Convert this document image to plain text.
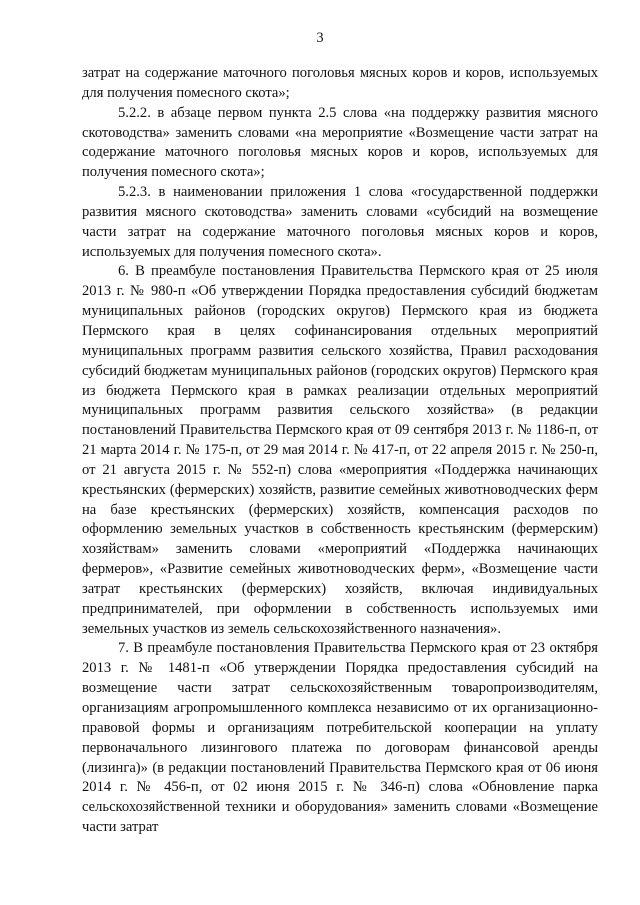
3

затрат на содержание маточного поголовья мясных коров и коров, используемых для получения помесного скота»;

5.2.2. в абзаце первом пункта 2.5 слова «на поддержку развития мясного скотоводства» заменить словами «на мероприятие «Возмещение части затрат на содержание маточного поголовья мясных коров и коров, используемых для получения помесного скота»;

5.2.3. в наименовании приложения 1 слова «государственной поддержки развития мясного скотоводства» заменить словами «субсидий на возмещение части затрат на содержание маточного поголовья мясных коров и коров, используемых для получения помесного скота».

6. В преамбуле постановления Правительства Пермского края от 25 июля 2013 г. № 980-п «Об утверждении Порядка предоставления субсидий бюджетам муниципальных районов (городских округов) Пермского края из бюджета Пермского края в целях софинансирования отдельных мероприятий муниципальных программ развития сельского хозяйства, Правил расходования субсидий бюджетам муниципальных районов (городских округов) Пермского края из бюджета Пермского края в рамках реализации отдельных мероприятий муниципальных программ развития сельского хозяйства» (в редакции постановлений Правительства Пермского края от 09 сентября 2013 г. № 1186-п, от 21 марта 2014 г. № 175-п, от 29 мая 2014 г. № 417-п, от 22 апреля 2015 г. № 250-п, от 21 августа 2015 г. № 552-п) слова «мероприятия «Поддержка начинающих крестьянских (фермерских) хозяйств, развитие семейных животноводческих ферм на базе крестьянских (фермерских) хозяйств, компенсация расходов по оформлению земельных участков в собственность крестьянским (фермерским) хозяйствам» заменить словами «мероприятий «Поддержка начинающих фермеров», «Развитие семейных животноводческих ферм», «Возмещение части затрат крестьянских (фермерских) хозяйств, включая индивидуальных предпринимателей, при оформлении в собственность используемых ими земельных участков из земель сельскохозяйственного назначения».

7. В преамбуле постановления Правительства Пермского края от 23 октября 2013 г. № 1481-п «Об утверждении Порядка предоставления субсидий на возмещение части затрат сельскохозяйственным товаропроизводителям, организациям агропромышленного комплекса независимо от их организационно-правовой формы и организациям потребительской кооперации на уплату первоначального лизингового платежа по договорам финансовой аренды (лизинга)» (в редакции постановлений Правительства Пермского края от 06 июня 2014 г. № 456-п, от 02 июня 2015 г. № 346-п) слова «Обновление парка сельскохозяйственной техники и оборудования» заменить словами «Возмещение части затрат
